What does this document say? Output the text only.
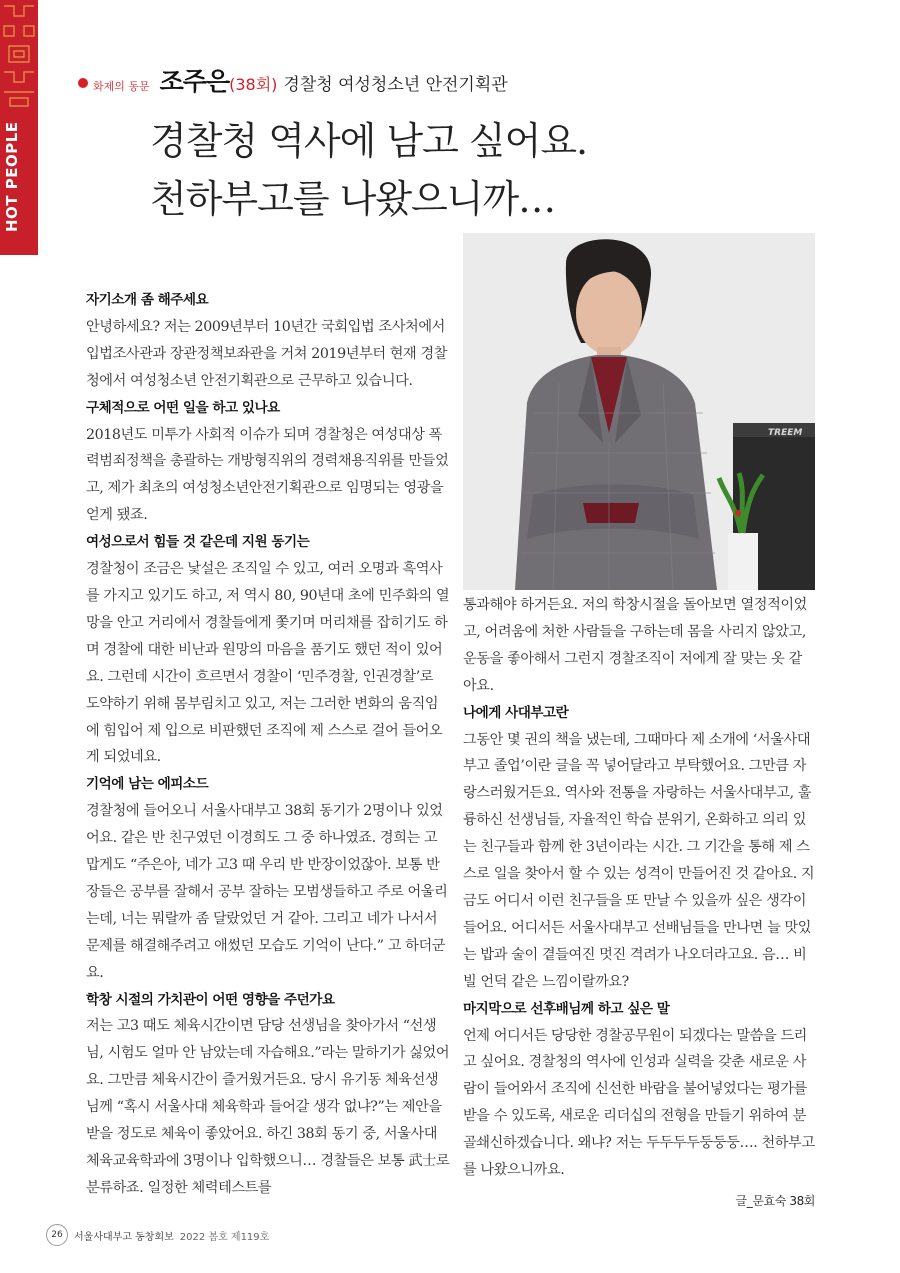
HOT PEOPLE
화제의 동문 조주은 (38회) 경찰청 여성청소년 안전기획관
경찰청 역사에 남고 싶어요.
천하부고를 나왔으니까…
TREEM
자기소개 좀 해주세요

안녕하세요? 저는 2009년부터 10년간 국회입법 조사처에서 입법조사관과 장관정책보좌관을 거쳐 2019년부터 현재 경찰청에서 여성청소년 안전기획관으로 근무하고 있습니다.

구체적으로 어떤 일을 하고 있나요

2018년도 미투가 사회적 이슈가 되며 경찰청은 여성대상 폭력범죄정책을 총괄하는 개방형직위의 경력채용직위를 만들었고, 제가 최초의 여성청소년안전기획관으로 임명되는 영광을 얻게 됐죠.

여성으로서 힘들 것 같은데 지원 동기는

경찰청이 조금은 낯설은 조직일 수 있고, 여러 오명과 흑역사를 가지고 있기도 하고, 저 역시 80, 90년대 초에 민주화의 열망을 안고 거리에서 경찰들에게 쫓기며 머리채를 잡히기도 하며 경찰에 대한 비난과 원망의 마음을 품기도 했던 적이 있어요. 그런데 시간이 흐르면서 경찰이 ‘민주경찰, 인권경찰’로 도약하기 위해 몸부림치고 있고, 저는 그러한 변화의 움직임에 힘입어 제 입으로 비판했던 조직에 제 스스로 걸어 들어오게 되었네요.

기억에 남는 에피소드

경찰청에 들어오니 서울사대부고 38회 동기가 2명이나 있었어요. 같은 반 친구였던 이경희도 그 중 하나였죠. 경희는 고맙게도 “주은아, 네가 고3 때 우리 반 반장이었잖아. 보통 반장들은 공부를 잘해서 공부 잘하는 모범생들하고 주로 어울리는데, 너는 뭐랄까 좀 달랐었던 거 같아. 그리고 네가 나서서 문제를 해결해주려고 애썼던 모습도 기억이 난다.” 고 하더군요.

학창 시절의 가치관이 어떤 영향을 주던가요

저는 고3 때도 체육시간이면 담당 선생님을 찾아가서 “선생님, 시험도 얼마 안 남았는데 자습해요.”라는 말하기가 싫었어요. 그만큼 체육시간이 즐거웠거든요. 당시 유기동 체육선생님께 “혹시 서울사대 체육학과 들어갈 생각 없냐?”는 제안을 받을 정도로 체육이 좋았어요. 하긴 38회 동기 중, 서울사대 체육교육학과에 3명이나 입학했으니… 경찰들은 보통 武士로 분류하죠. 일정한 체력테스트를

통과해야 하거든요. 저의 학창시절을 돌아보면 열정적이었고, 어려움에 처한 사람들을 구하는데 몸을 사리지 않았고, 운동을 좋아해서 그런지 경찰조직이 저에게 잘 맞는 옷 같아요.

나에게 사대부고란

그동안 몇 권의 책을 냈는데, 그때마다 제 소개에 ‘서울사대부고 졸업’이란 글을 꼭 넣어달라고 부탁했어요. 그만큼 자랑스러웠거든요. 역사와 전통을 자랑하는 서울사대부고, 훌륭하신 선생님들, 자율적인 학습 분위기, 온화하고 의리 있는 친구들과 함께 한 3년이라는 시간. 그 기간을 통해 제 스스로 일을 찾아서 할 수 있는 성격이 만들어진 것 같아요. 지금도 어디서 이런 친구들을 또 만날 수 있을까 싶은 생각이 들어요. 어디서든 서울사대부고 선배님들을 만나면 늘 맛있는 밥과 술이 곁들여진 멋진 격려가 나오더라고요. 음… 비빌 언덕 같은 느낌이랄까요?

마지막으로 선후배님께 하고 싶은 말

언제 어디서든 당당한 경찰공무원이 되겠다는 말씀을 드리고 싶어요. 경찰청의 역사에 인성과 실력을 갖춘 새로운 사람이 들어와서 조직에 신선한 바람을 불어넣었다는 평가를 받을 수 있도록, 새로운 리더십의 전형을 만들기 위하여 분골쇄신하겠습니다. 왜냐? 저는 두두두두둥둥둥…. 천하부고를 나왔으니까요.

글_문효숙 38회
26	서울사대부고 동창회보 2022 봄호 제119호
